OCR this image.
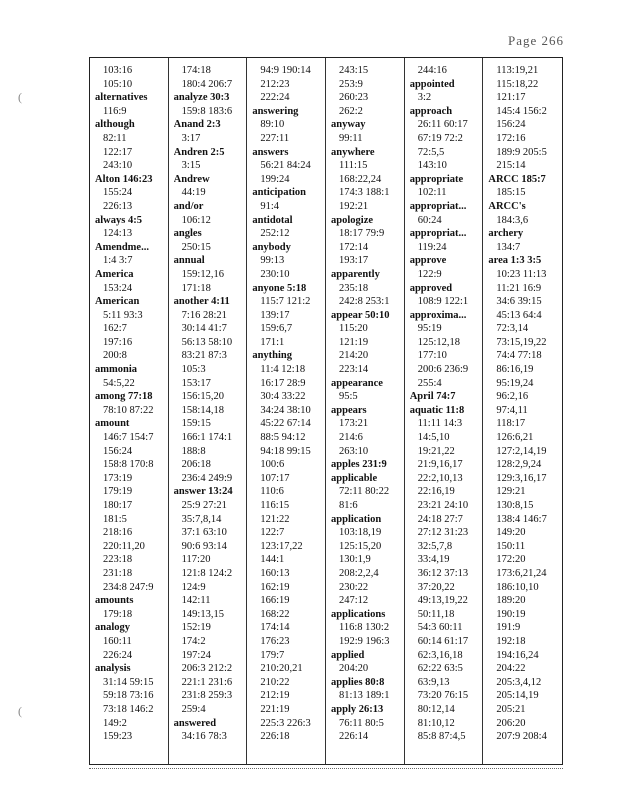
Page 266
(
(
103:16
105:10
alternatives
116:9
although
82:11
122:17
243:10
Alton 146:23
155:24
226:13
always 4:5
124:13
Amendme...
1:4 3:7
America
153:24
American
5:11 93:3
162:7
197:16
200:8
ammonia
54:5,22
among 77:18
78:10 87:22
amount
146:7 154:7
156:24
158:8 170:8
173:19
179:19
180:17
181:5
218:16
220:11,20
223:18
231:18
234:8 247:9
amounts
179:18
analogy
160:11
226:24
analysis
31:14 59:15
59:18 73:16
73:18 146:2
149:2
159:23
174:18
180:4 206:7
analyze 30:3
159:8 183:6
Anand 2:3
3:17
Andren 2:5
3:15
Andrew
44:19
and/or
106:12
angles
250:15
annual
159:12,16
171:18
another 4:11
7:16 28:21
30:14 41:7
56:13 58:10
83:21 87:3
105:3
153:17
156:15,20
158:14,18
159:15
166:1 174:1
188:8
206:18
236:4 249:9
answer 13:24
25:9 27:21
35:7,8,14
37:1 63:10
90:6 93:14
117:20
121:8 124:2
124:9
142:11
149:13,15
152:19
174:2
197:24
206:3 212:2
221:1 231:6
231:8 259:3
259:4
answered
34:16 78:3
94:9 190:14
212:23
222:24
answering
89:10
227:11
answers
56:21 84:24
199:24
anticipation
91:4
antidotal
252:12
anybody
99:13
230:10
anyone 5:18
115:7 121:2
139:17
159:6,7
171:1
anything
11:4 12:18
16:17 28:9
30:4 33:22
34:24 38:10
45:22 67:14
88:5 94:12
94:18 99:15
100:6
107:17
110:6
116:15
121:22
122:7
123:17,22
144:1
160:13
162:19
166:19
168:22
174:14
176:23
179:7
210:20,21
210:22
212:19
221:19
225:3 226:3
226:18
243:15
253:9
260:23
262:2
anyway
99:11
anywhere
111:15
168:22,24
174:3 188:1
192:21
apologize
18:17 79:9
172:14
193:17
apparently
235:18
242:8 253:1
appear 50:10
115:20
121:19
214:20
223:14
appearance
95:5
appears
173:21
214:6
263:10
apples 231:9
applicable
72:11 80:22
81:6
application
103:18,19
125:15,20
130:1,9
208:2,2,4
230:22
247:12
applications
116:8 130:2
192:9 196:3
applied
204:20
applies 80:8
81:13 189:1
apply 26:13
76:11 80:5
226:14
244:16
appointed
3:2
approach
26:11 60:17
67:19 72:2
72:5,5
143:10
appropriate
102:11
appropriat...
60:24
appropriat...
119:24
approve
122:9
approved
108:9 122:1
approxima...
95:19
125:12,18
177:10
200:6 236:9
255:4
April 74:7
aquatic 11:8
11:11 14:3
14:5,10
19:21,22
21:9,16,17
22:2,10,13
22:16,19
23:21 24:10
24:18 27:7
27:12 31:23
32:5,7,8
33:4,19
36:12 37:13
37:20,22
49:13,19,22
50:11,18
54:3 60:11
60:14 61:17
62:3,16,18
62:22 63:5
63:9,13
73:20 76:15
80:12,14
81:10,12
85:8 87:4,5
113:19,21
115:18,22
121:17
145:4 156:2
156:24
172:16
189:9 205:5
215:14
ARCC 185:7
185:15
ARCC's
184:3,6
archery
134:7
area 1:3 3:5
10:23 11:13
11:21 16:9
34:6 39:15
45:13 64:4
72:3,14
73:15,19,22
74:4 77:18
86:16,19
95:19,24
96:2,16
97:4,11
118:17
126:6,21
127:2,14,19
128:2,9,24
129:3,16,17
129:21
130:8,15
138:4 146:7
149:20
150:11
172:20
173:6,21,24
186:10,10
189:20
190:19
191:9
192:18
194:16,24
204:22
205:3,4,12
205:14,19
205:21
206:20
207:9 208:4
